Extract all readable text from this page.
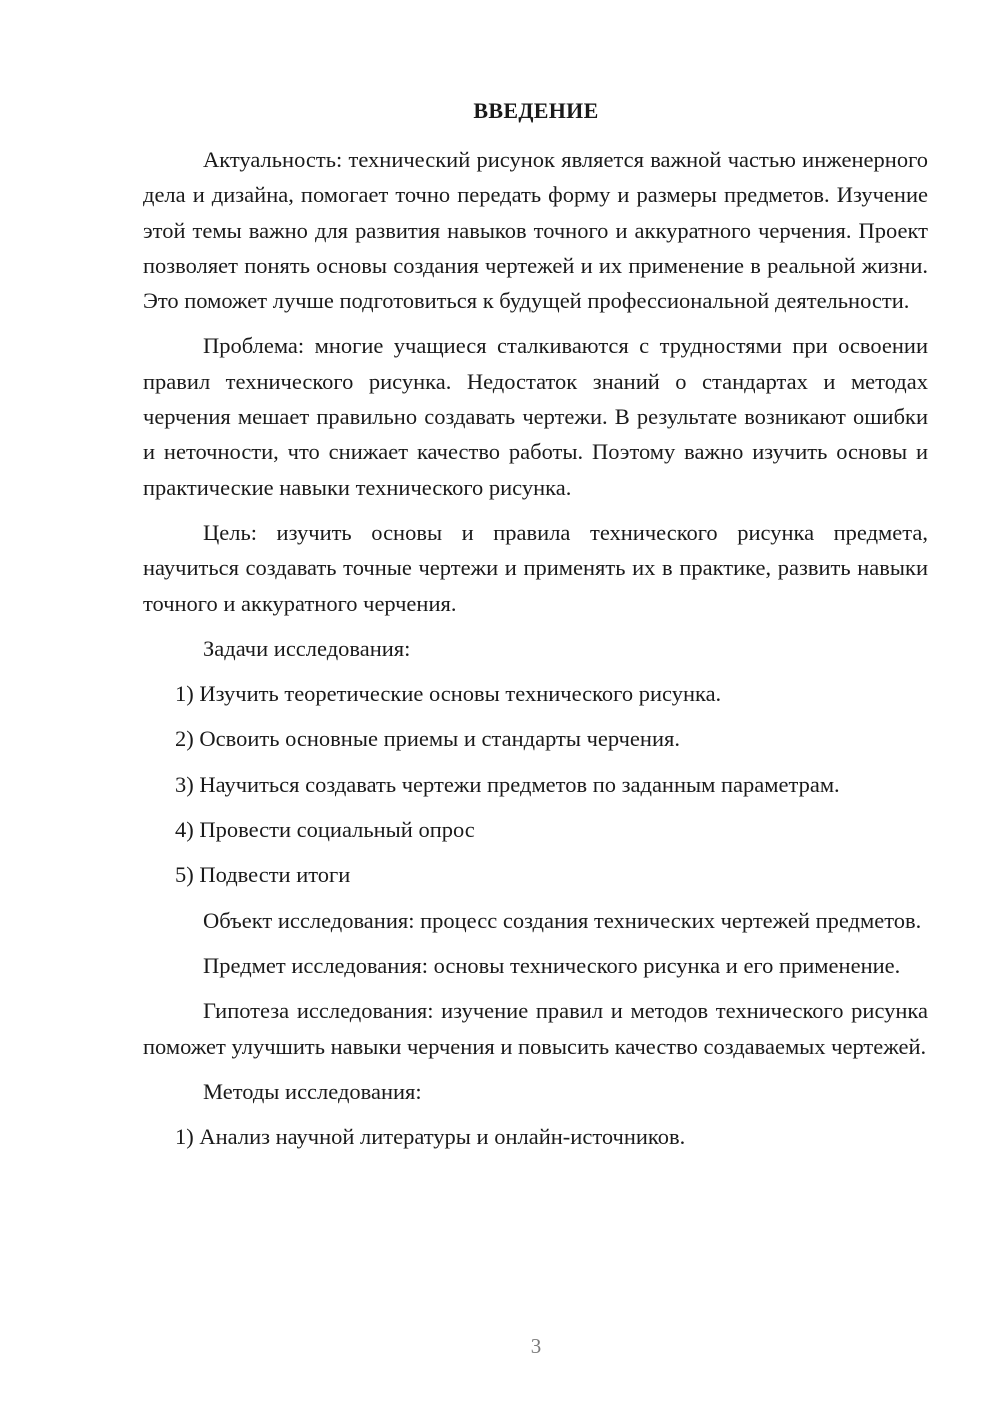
ВВЕДЕНИЕ

Актуальность: технический рисунок является важной частью инженерного дела и дизайна, помогает точно передать форму и размеры предметов. Изучение этой темы важно для развития навыков точного и аккуратного черчения. Проект позволяет понять основы создания чертежей и их применение в реальной жизни. Это поможет лучше подготовиться к будущей профессиональной деятельности.

Проблема: многие учащиеся сталкиваются с трудностями при освоении правил технического рисунка. Недостаток знаний о стандартах и методах черчения мешает правильно создавать чертежи. В результате возникают ошибки и неточности, что снижает качество работы. Поэтому важно изучить основы и практические навыки технического рисунка.

Цель: изучить основы и правила технического рисунка предмета, научиться создавать точные чертежи и применять их в практике, развить навыки точного и аккуратного черчения.

Задачи исследования:

1) Изучить теоретические основы технического рисунка.

2) Освоить основные приемы и стандарты черчения.

3) Научиться создавать чертежи предметов по заданным параметрам.

4) Провести социальный опрос

5) Подвести итоги

Объект исследования: процесс создания технических чертежей предметов.

Предмет исследования: основы технического рисунка и его применение.

Гипотеза исследования: изучение правил и методов технического рисунка поможет улучшить навыки черчения и повысить качество создаваемых чертежей.

Методы исследования:

1) Анализ научной литературы и онлайн-источников.

3
